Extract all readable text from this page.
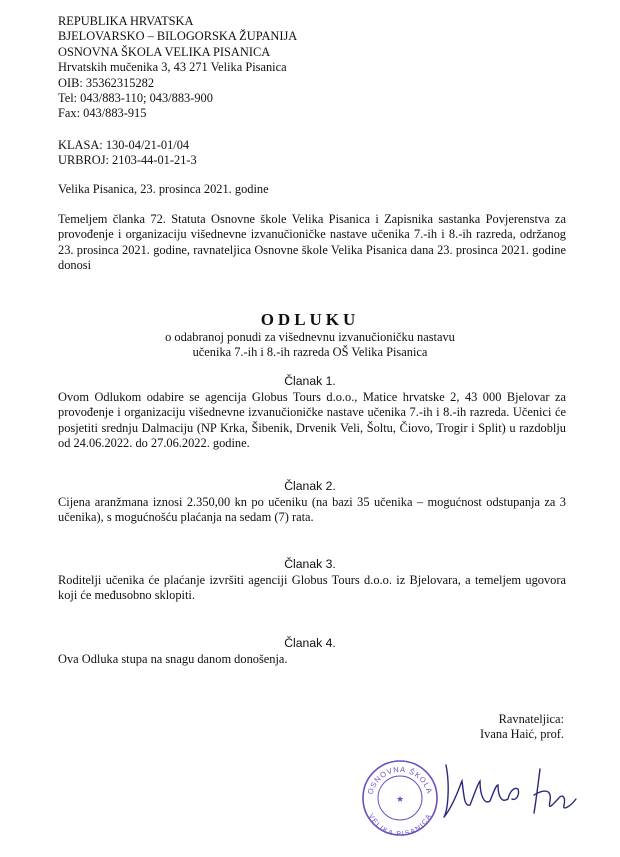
REPUBLIKA HRVATSKA
BJELOVARSKO – BILOGORSKA ŽUPANIJA
OSNOVNA ŠKOLA VELIKA PISANICA
Hrvatskih mučenika 3, 43 271 Velika Pisanica
OIB: 35362315282
Tel: 043/883-110; 043/883-900
Fax: 043/883-915
KLASA: 130-04/21-01/04
URBROJ: 2103-44-01-21-3
Velika Pisanica, 23. prosinca 2021. godine
Temeljem članka 72. Statuta Osnovne škole Velika Pisanica i Zapisnika sastanka Povjerenstva za provođenje i organizaciju višednevne izvanučioničke nastave učenika 7.-ih i 8.-ih razreda, održanog 23. prosinca 2021. godine, ravnateljica Osnovne škole Velika Pisanica dana 23. prosinca 2021. godine donosi
ODLUKU
o odabranoj ponudi za višednevnu izvanučioničku nastavu
učenika 7.-ih i 8.-ih razreda OŠ Velika Pisanica
Članak 1.
Ovom Odlukom odabire se agencija Globus Tours d.o.o., Matice hrvatske 2, 43 000 Bjelovar za provođenje i organizaciju višednevne izvanučioničke nastave učenika 7.-ih i 8.-ih razreda. Učenici će posjetiti srednju Dalmaciju (NP Krka, Šibenik, Drvenik Veli, Šoltu, Čiovo, Trogir i Split) u razdoblju od 24.06.2022. do 27.06.2022. godine.
Članak 2.
Cijena aranžmana iznosi 2.350,00 kn po učeniku (na bazi 35 učenika – mogućnost odstupanja za 3 učenika), s mogućnošću plaćanja na sedam (7) rata.
Članak 3.
Roditelji učenika će plaćanje izvršiti agenciji Globus Tours d.o.o. iz Bjelovara, a temeljem ugovora koji će međusobno sklopiti.
Članak 4.
Ova Odluka stupa na snagu danom donošenja.
Ravnateljica:
Ivana Haić, prof.
OSNOVNA ŠKOLA
VELIKA PISANICA
★
